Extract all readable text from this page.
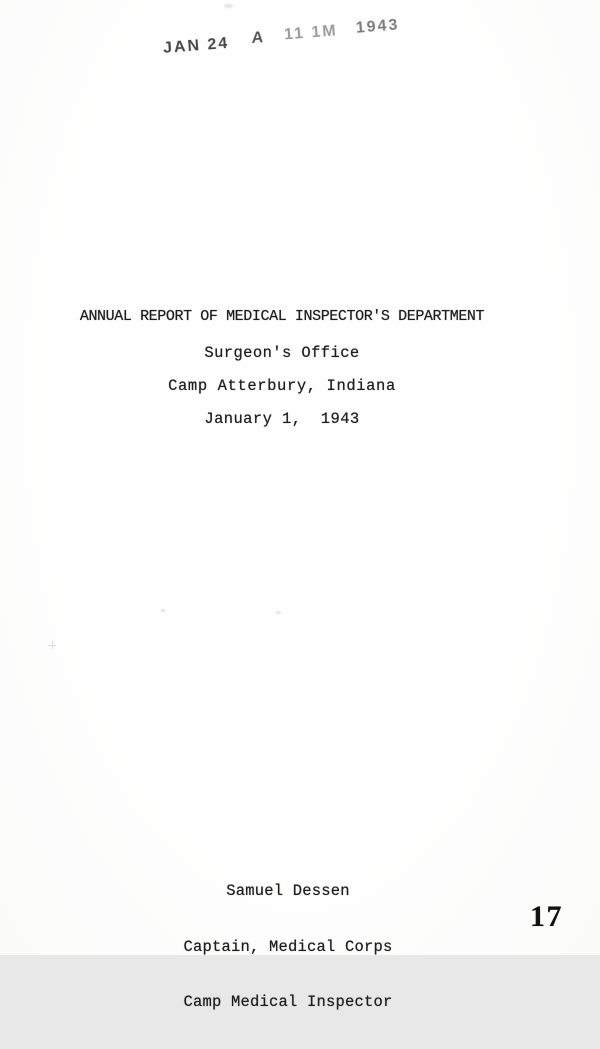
JAN 24 A 11 1M 1943
ANNUAL REPORT OF MEDICAL INSPECTOR'S DEPARTMENT
Surgeon's Office
Camp Atterbury, Indiana
January 1,  1943

Samuel Dessen

Captain, Medical Corps

Camp Medical Inspector

17
